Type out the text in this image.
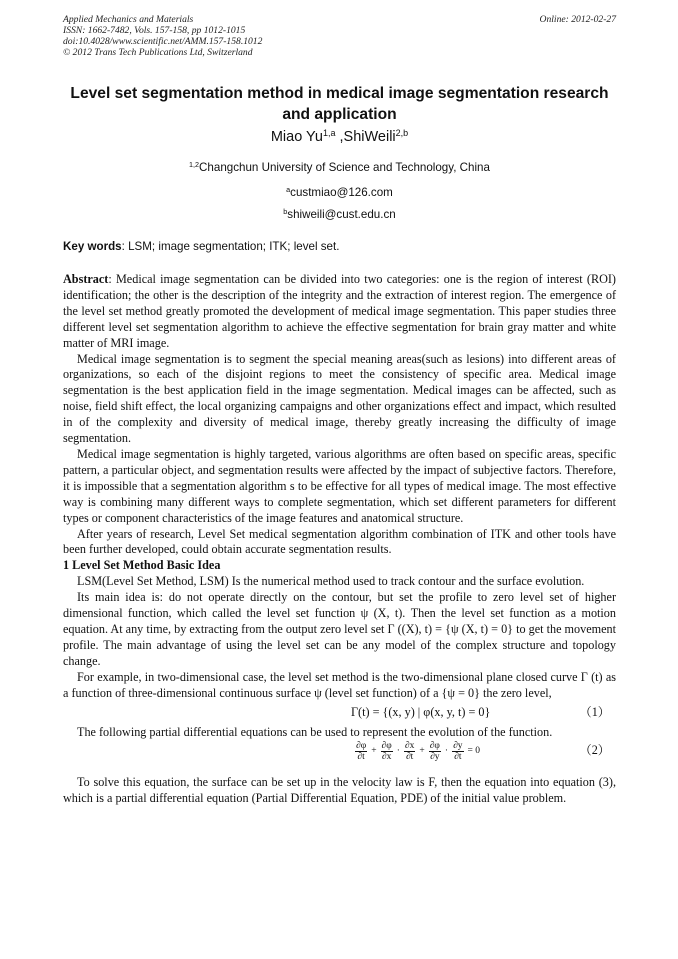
Applied Mechanics and Materials
ISSN: 1662-7482, Vols. 157-158, pp 1012-1015
doi:10.4028/www.scientific.net/AMM.157-158.1012
© 2012 Trans Tech Publications Ltd, Switzerland
Online: 2012-02-27
Level set segmentation method in medical image segmentation research and application
Miao Yu$^{1,a}$ ,ShiWeili$^{2,b}$
$^{1,2}$Changchun University of Science and Technology, China
$^a$custmiao@126.com
$^b$shiweili@cust.edu.cn
Key words: LSM; image segmentation; ITK; level set.

Abstract: Medical image segmentation can be divided into two categories: one is the region of interest (ROI) identification; the other is the description of the integrity and the extraction of interest region. The emergence of the level set method greatly promoted the development of medical image segmentation. This paper studies three different level set segmentation algorithm to achieve the effective segmentation for brain gray matter and white matter of MRI image.

Medical image segmentation is to segment the special meaning areas(such as lesions) into different areas of organizations, so each of the disjoint regions to meet the consistency of specific area. Medical image segmentation is the best application field in the image segmentation. Medical images can be affected, such as noise, field shift effect, the local organizing campaigns and other organizations effect and impact, which resulted in of the complexity and diversity of medical image, thereby greatly increasing the difficulty of image segmentation.

Medical image segmentation is highly targeted, various algorithms are often based on specific areas, specific pattern, a particular object, and segmentation results were affected by the impact of subjective factors. Therefore, it is impossible that a segmentation algorithm s to be effective for all types of medical image. The most effective way is combining many different ways to complete segmentation, which set different parameters for different types or component characteristics of the image features and anatomical structure.

After years of research, Level Set medical segmentation algorithm combination of ITK and other tools have been further developed, could obtain accurate segmentation results.

1 Level Set Method Basic Idea

LSM(Level Set Method, LSM) Is the numerical method used to track contour and the surface evolution.

Its main idea is: do not operate directly on the contour, but set the profile to zero level set of higher dimensional function, which called the level set function ψ (X, t). Then the level set function as a motion equation. At any time, by extracting from the output zero level set Γ ((X), t) = {ψ (X, t) = 0} to get the movement profile. The main advantage of using the level set can be any model of the complex structure and topology change.

For example, in two-dimensional case, the level set method is the two-dimensional plane closed curve Γ (t) as a function of three-dimensional continuous surface ψ (level set function) of a {ψ = 0} the zero level,

Γ(t) = {(x, y) | φ(x, y, t) = 0}	（1）

The following partial differential equations can be used to represent the evolution of the function.

∂φ
∂t
+ $\frac{\partial\varphi}{\partial x} \cdot \partial x$
∂t
+ $\frac{\partial\varphi}{\partial y} \cdot \frac{\partial y}{\partial t} = 0$	（2）

To solve this equation, the surface can be set up in the velocity law is F, then the equation into equation (3), which is a partial differential equation (Partial Differential Equation, PDE) of the initial value problem.
